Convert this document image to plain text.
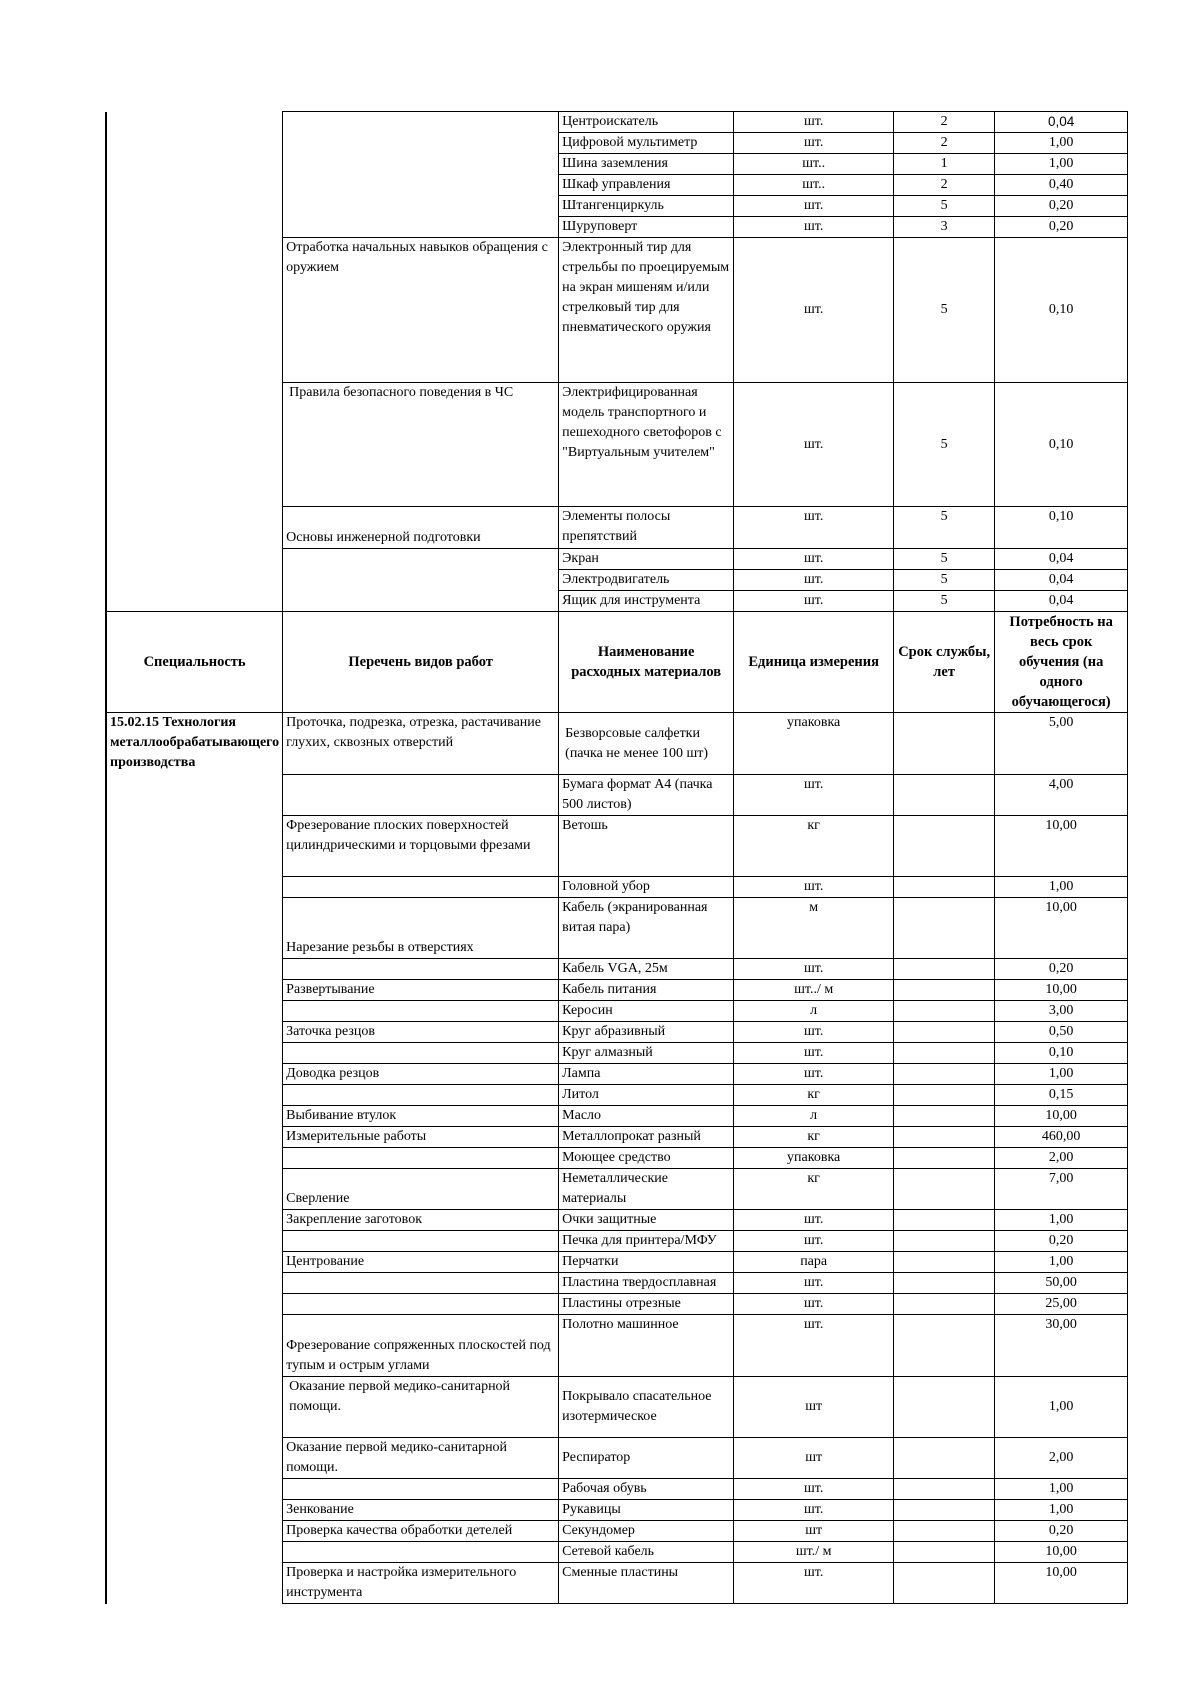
		Центроискатель	шт.	2	0,04
		Цифровой мультиметр	шт.	2	1,00
		Шина заземления	шт..	1	1,00
		Шкаф управления	шт..	2	0,40
		Штангенциркуль	шт.	5	0,20
		Шуруповерт	шт.	3	0,20
	Отработка начальных навыков обращения с оружием	Электронный тир для стрельбы по проецируемым на экран мишеням и/или стрелковый тир для пневматического оружия	шт.	5	0,10
	Правила безопасного поведения в ЧС	Электрифицированная модель транспортного и пешеходного светофоров с "Виртуальным учителем"	шт.	5	0,10
	Основы инженерной подготовки	Элементы полосы препятствий	шт.	5	0,10
		Экран	шт.	5	0,04
		Электродвигатель	шт.	5	0,04
		Ящик для инструмента	шт.	5	0,04
Специальность	Перечень видов работ	Наименование расходных материалов	Единица измерения	Срок службы, лет	Потребность на весь срок обучения (на одного обучающегося)
15.02.15 Технология металлообрабатывающего производства	Проточка, подрезка, отрезка, растачивание глухих, сквозных отверстий	Безворсовые салфетки (пачка не менее 100 шт)	упаковка		5,00
		Бумага формат А4 (пачка 500 листов)	шт.		4,00
	Фрезерование плоских поверхностей цилиндрическими и торцовыми фрезами	Ветошь	кг		10,00
		Головной убор	шт.		1,00
	Нарезание резьбы в отверстиях	Кабель (экранированная витая пара)	м		10,00
		Кабель VGA, 25м	шт.		0,20
	Развертывание	Кабель питания	шт../ м		10,00
		Керосин	л		3,00
	Заточка резцов	Круг абразивный	шт.		0,50
		Круг алмазный	шт.		0,10
	Доводка резцов	Лампа	шт.		1,00
		Литол	кг		0,15
	Выбивание втулок	Масло	л		10,00
	Измерительные работы	Металлопрокат разный	кг		460,00
		Моющее средство	упаковка		2,00
	Сверление	Неметаллические материалы	кг		7,00
	Закрепление заготовок	Очки защитные	шт.		1,00
		Печка для принтера/МФУ	шт.		0,20
	Центрование	Перчатки	пара		1,00
		Пластина твердосплавная	шт.		50,00
		Пластины отрезные	шт.		25,00
	Фрезерование сопряженных плоскостей под тупым и острым углами	Полотно машинное	шт.		30,00
	Оказание первой медико-санитарной помощи.	Покрывало спасательное изотермическое	шт		1,00
	Оказание первой медико-санитарной помощи.	Респиратор	шт		2,00
		Рабочая обувь	шт.		1,00
	Зенкование	Рукавицы	шт.		1,00
	Проверка качества обработки детелей	Секундомер	шт		0,20
		Сетевой кабель	шт./ м		10,00
	Проверка и настройка измерительного инструмента	Сменные пластины	шт.		10,00
